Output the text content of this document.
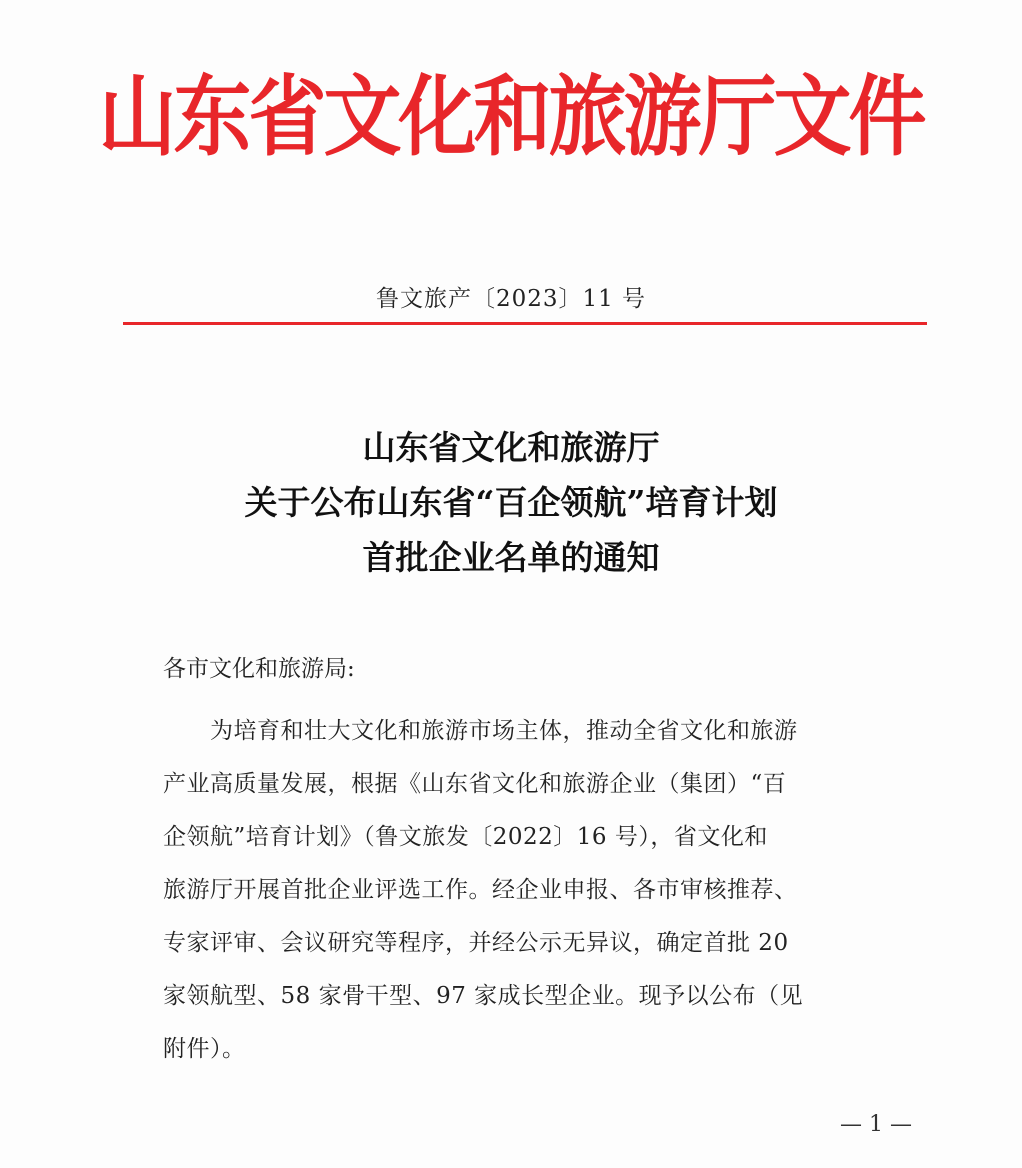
山东省文化和旅游厅文件
鲁文旅产〔2023〕11 号
山东省文化和旅游厅
关于公布山东省“百企领航”培育计划
首批企业名单的通知
各市文化和旅游局:
　　为培育和壮大文化和旅游市场主体，推动全省文化和旅游
产业高质量发展，根据《山东省文化和旅游企业（集团）“百
企领航”培育计划》（鲁文旅发〔2022〕16 号），省文化和
旅游厅开展首批企业评选工作。经企业申报、各市审核推荐、
专家评审、会议研究等程序，并经公示无异议，确定首批 20
家领航型、58 家骨干型、97 家成长型企业。现予以公布（见
附件）。
— 1 —
